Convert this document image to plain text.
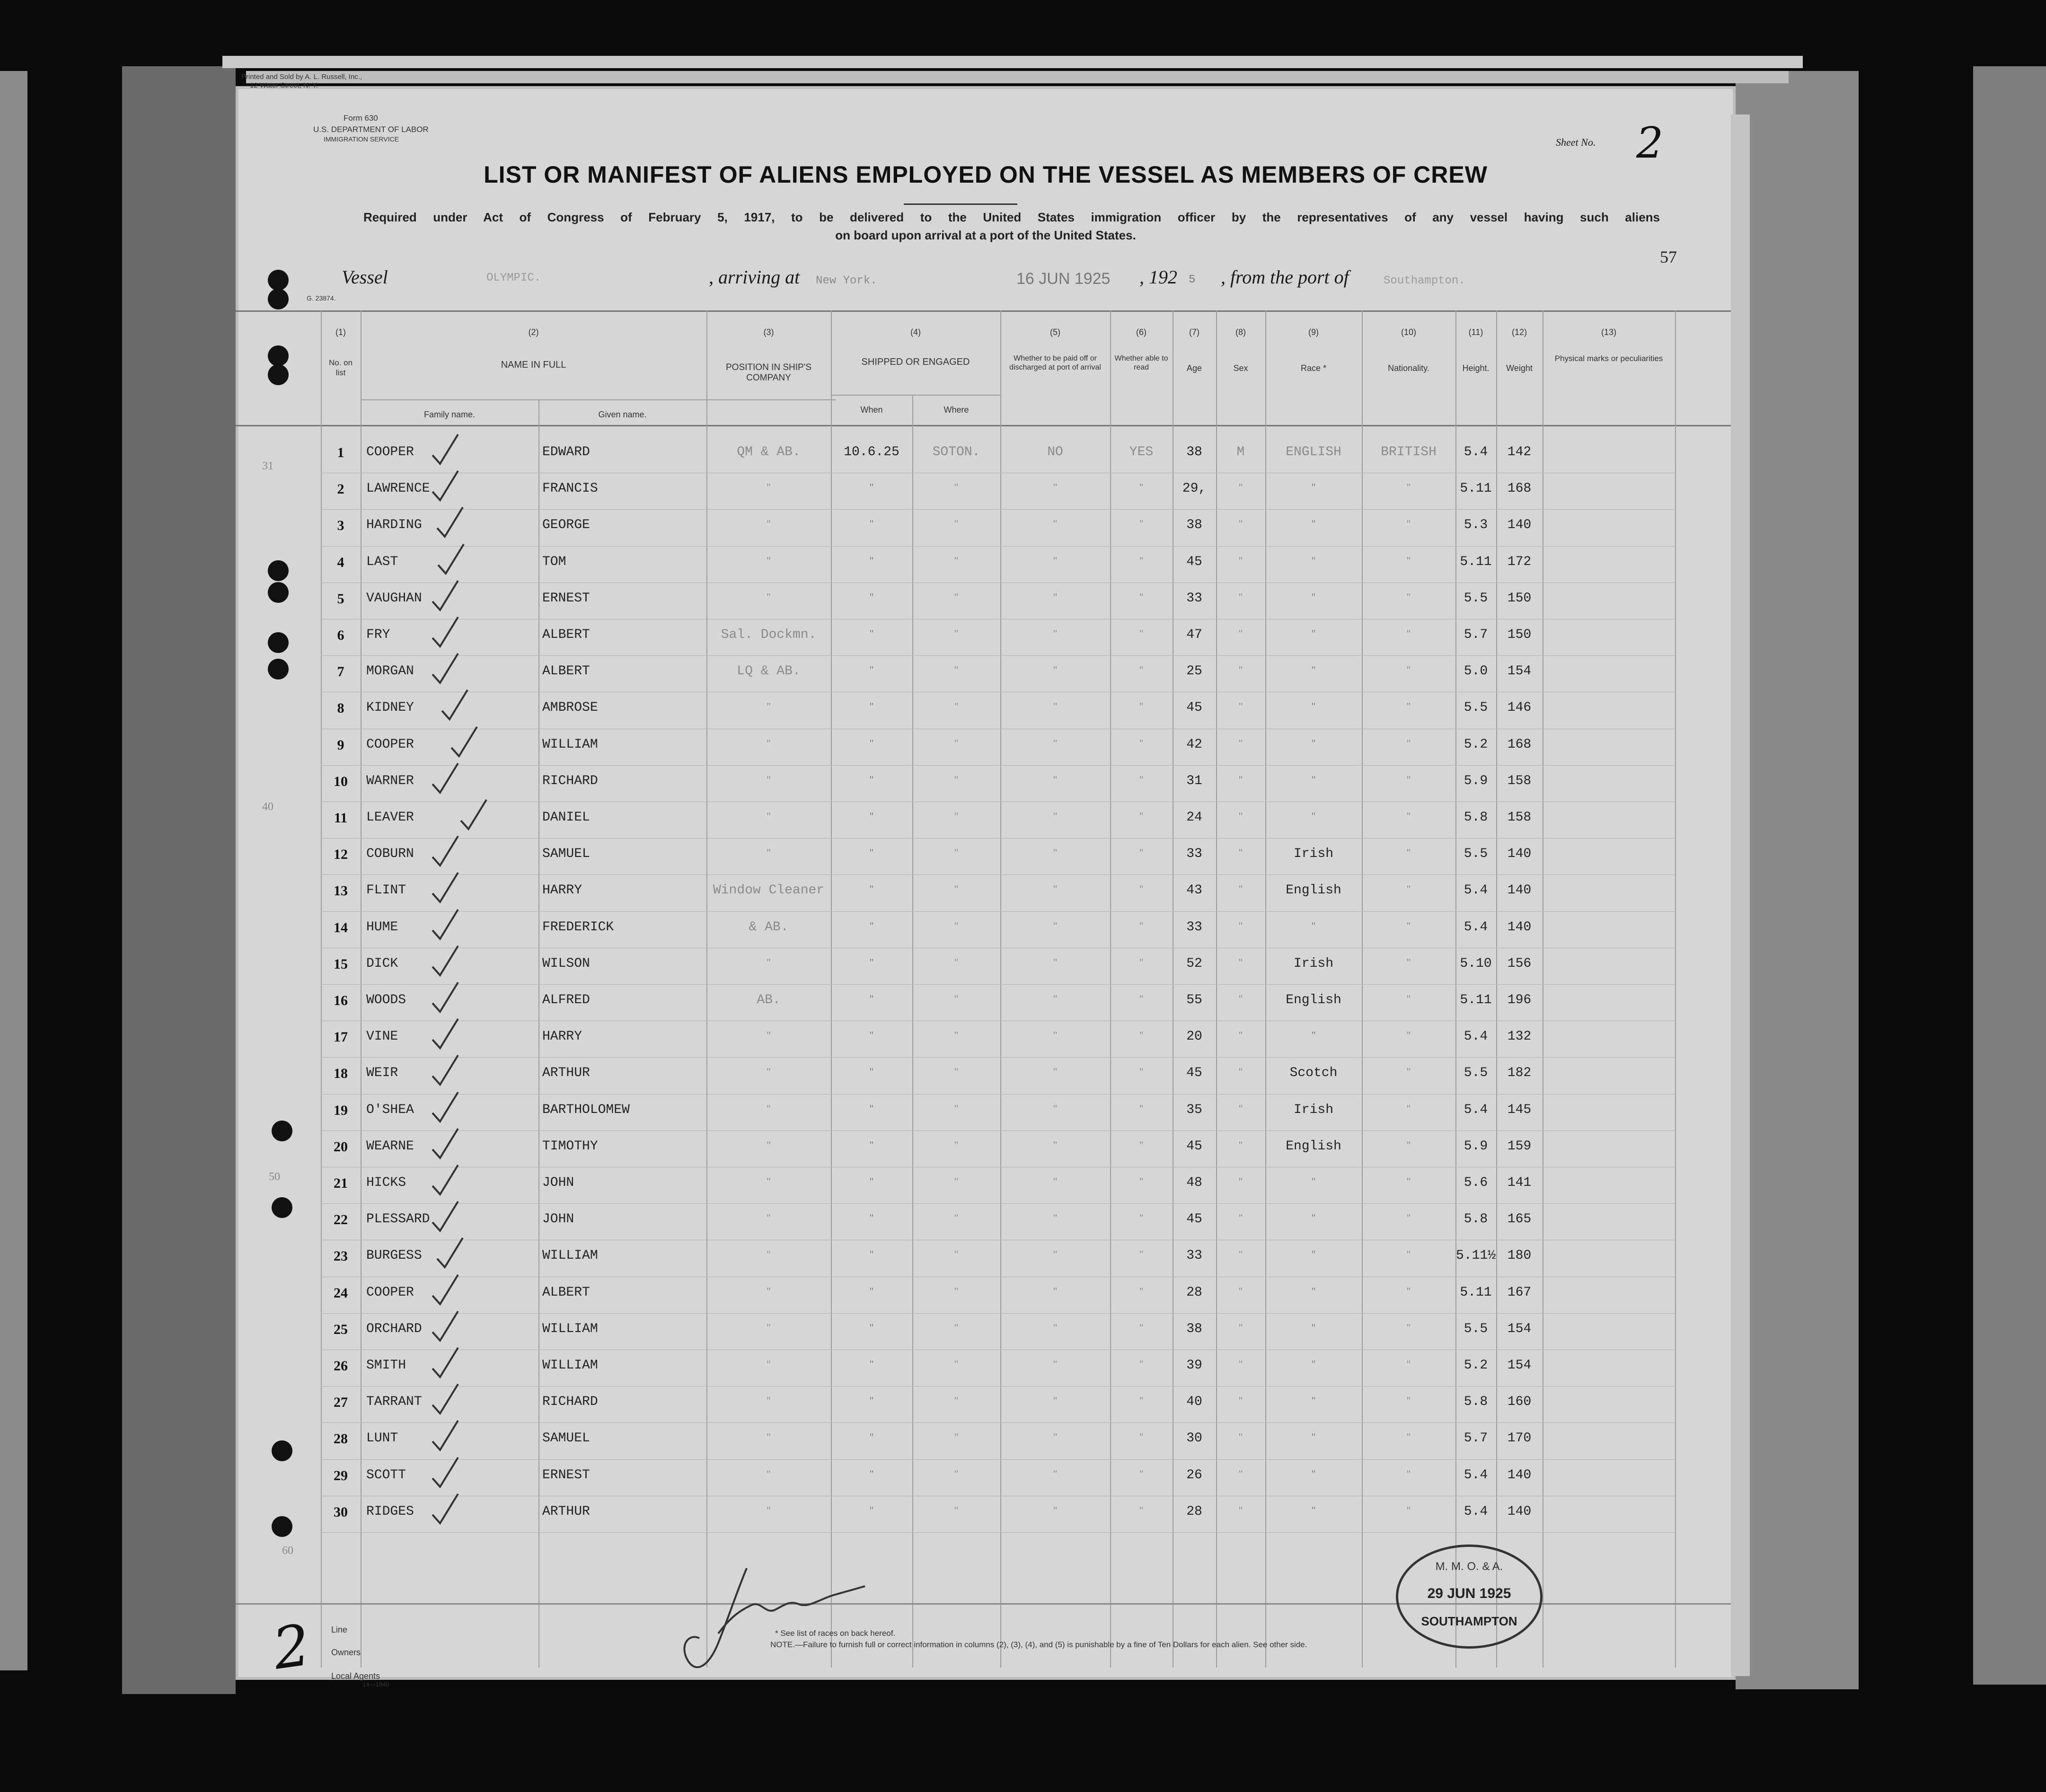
Printed and Sold by A. L. Russell, Inc.,
12 Water Street, N. Y.
Form 630
U.S. DEPARTMENT OF LABOR
IMMIGRATION SERVICE	Sheet No. 2
LIST OR MANIFEST OF ALIENS EMPLOYED ON THE VESSEL AS MEMBERS OF CREW
Required under Act of Congress of February 5, 1917, to be delivered to the United States immigration officer by the representatives of any vessel having such aliens
on board upon arrival at a port of the United States.
57
Vessel	OLYMPIC.	, arriving at New York.	16 JUN 1925 , 192 5 , from the port of	Southampton.
G. 23874.
(1)
No. on list
(2)
NAME IN FULL
Family name.	Given name.
(3)
POSITION IN SHIP'S COMPANY
(4)
SHIPPED OR ENGAGED
When	Where
(5)
Whether to be paid off or discharged at port of arrival
(6)
Whether able to read
(7)
Age
(8)
Sex
(9)
Race *
(10)
Nationality.
(11)
Height.
(12)
Weight
(13)
Physical marks or peculiarities
1	COOPER	EDWARD	QM & AB.	10.6.25	SOTON.	NO	YES	38	M	ENGLISH	BRITISH	5.4	142
2	LAWRENCE	FRANCIS	"	"	"	"	"	29,	"	"	"	5.11	168
3	HARDING	GEORGE	"	"	"	"	"	38	"	"	"	5.3	140
4	LAST	TOM	"	"	"	"	"	45	"	"	"	5.11	172
5	VAUGHAN	ERNEST	"	"	"	"	"	33	"	"	"	5.5	150
6	FRY	ALBERT	Sal. Dockmn.	"	"	"	"	47	"	"	"	5.7	150
7	MORGAN	ALBERT	LQ & AB.	"	"	"	"	25	"	"	"	5.0	154
8	KIDNEY	AMBROSE	"	"	"	"	"	45	"	"	"	5.5	146
9	COOPER	WILLIAM	"	"	"	"	"	42	"	"	"	5.2	168
10	WARNER	RICHARD	"	"	"	"	"	31	"	"	"	5.9	158
11	LEAVER	DANIEL	"	"	"	"	"	24	"	"	"	5.8	158
12	COBURN	SAMUEL	"	"	"	"	"	33	"	Irish	"	5.5	140
13	FLINT	HARRY	Window Cleaner	"	"	"	"	43	"	English	"	5.4	140
14	HUME	FREDERICK	& AB.	"	"	"	"	33	"	"	"	5.4	140
15	DICK	WILSON	"	"	"	"	"	52	"	Irish	"	5.10	156
16	WOODS	ALFRED	AB.	"	"	"	"	55	"	English	"	5.11	196
17	VINE	HARRY	"	"	"	"	"	20	"	"	"	5.4	132
18	WEIR	ARTHUR	"	"	"	"	"	45	"	Scotch	"	5.5	182
19	O'SHEA	BARTHOLOMEW	"	"	"	"	"	35	"	Irish	"	5.4	145
20	WEARNE	TIMOTHY	"	"	"	"	"	45	"	English	"	5.9	159
21	HICKS	JOHN	"	"	"	"	"	48	"	"	"	5.6	141
22	PLESSARD	JOHN	"	"	"	"	"	45	"	"	"	5.8	165
23	BURGESS	WILLIAM	"	"	"	"	"	33	"	"	"	5.11½ 180
24	COOPER	ALBERT	"	"	"	"	"	28	"	"	"	5.11	167
25	ORCHARD	WILLIAM	"	"	"	"	"	38	"	"	"	5.5	154
26	SMITH	WILLIAM	"	"	"	"	"	39	"	"	"	5.2	154
27	TARRANT	RICHARD	"	"	"	"	"	40	"	"	"	5.8	160
28	LUNT	SAMUEL	"	"	"	"	"	30	"	"	"	5.7	170
29	SCOTT	ERNEST	"	"	"	"	"	26	"	"	"	5.4	140
30	RIDGES	ARTHUR	"	"	"	"	"	28	"	"	"	5.4	140
31
40
50
60
Line
Owners
Local Agents
14—1840
2	* See list of races on back hereof.
NOTE.—Failure to furnish full or correct information in columns (2), (3), (4), and (5) is punishable by a fine of Ten Dollars for each alien. See other side.
M. M. O. & A.
29 JUN 1925
SOUTHAMPTON
